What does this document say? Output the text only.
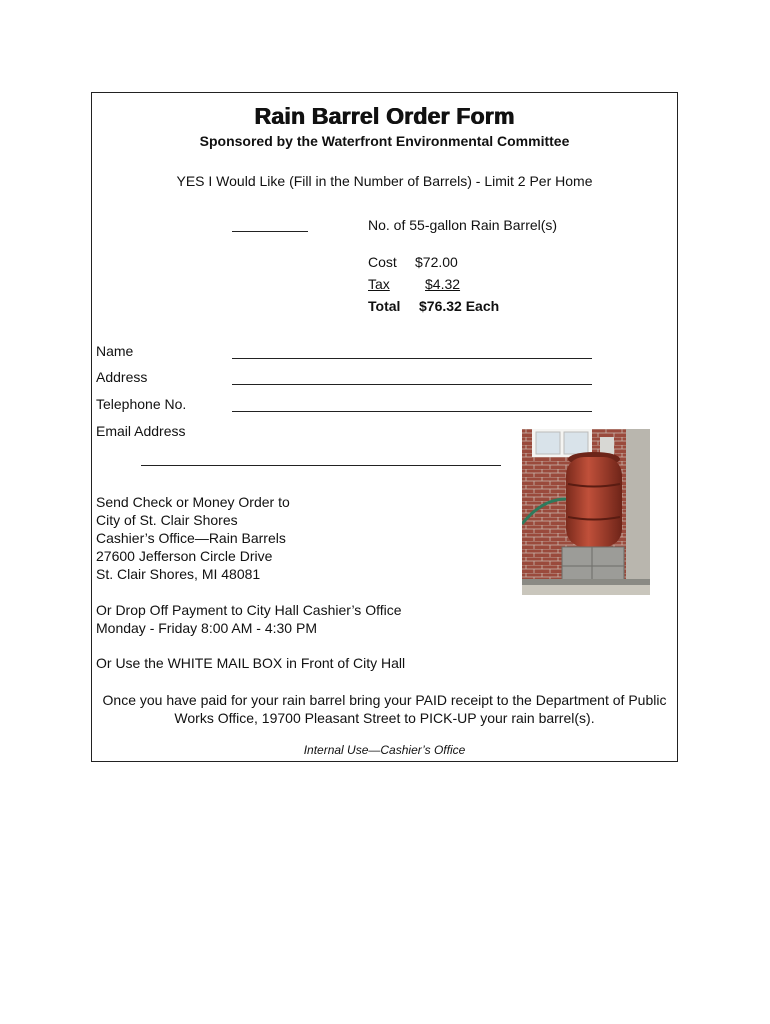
Rain Barrel Order Form
Sponsored by the Waterfront Environmental Committee
YES I Would Like (Fill in the Number of Barrels) - Limit 2 Per Home
No. of 55-gallon Rain Barrel(s)
Cost $72.00
Tax	$4.32
Total $76.32 Each
Name
Address
Telephone No.
Email Address
Send Check or Money Order to
City of St. Clair Shores
Cashier’s Office—Rain Barrels
27600 Jefferson Circle Drive
St. Clair Shores, MI 48081
Or Drop Off Payment to City Hall Cashier’s Office
Monday - Friday 8:00 AM - 4:30 PM
Or Use the WHITE MAIL BOX in Front of City Hall
Once you have paid for your rain barrel bring your PAID receipt to the Department of Public Works Office, 19700 Pleasant Street to PICK-UP your rain barrel(s).
Internal Use—Cashier’s Office
